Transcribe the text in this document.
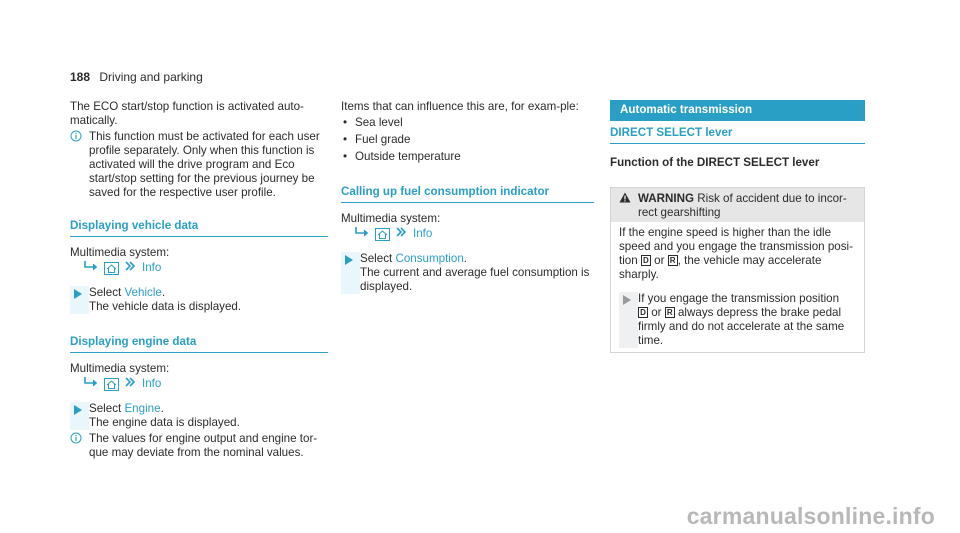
188 Driving and parking

The ECO start/stop function is activated auto-matically.

This function must be activated for each user profile separately. Only when this function is activated will the drive program and Eco start/stop setting for the previous journey be saved for the respective user profile.
Displaying vehicle data
Multimedia system:
Info
Select Vehicle.
The vehicle data is displayed.
Displaying engine data
Multimedia system:
Info
Select Engine.
The engine data is displayed.
The values for engine output and engine tor-que may deviate from the nominal values.

Items that can influence this are, for exam-ple:

• Sea level
• Fuel grade
• Outside temperature
Calling up fuel consumption indicator
Multimedia system:
Info
Select Consumption.
The current and average fuel consumption is displayed.
Automatic transmission
DIRECT SELECT lever
Function of the DIRECT SELECT lever
WARNING Risk of accident due to incor-rect gearshifting
If the engine speed is higher than the idle speed and you engage the transmission posi-tion D or R , the vehicle may accelerate sharply.
If you engage the transmission position
D or R always depress the brake pedal firmly and do not accelerate at the same time.
carmanualsonline.info
